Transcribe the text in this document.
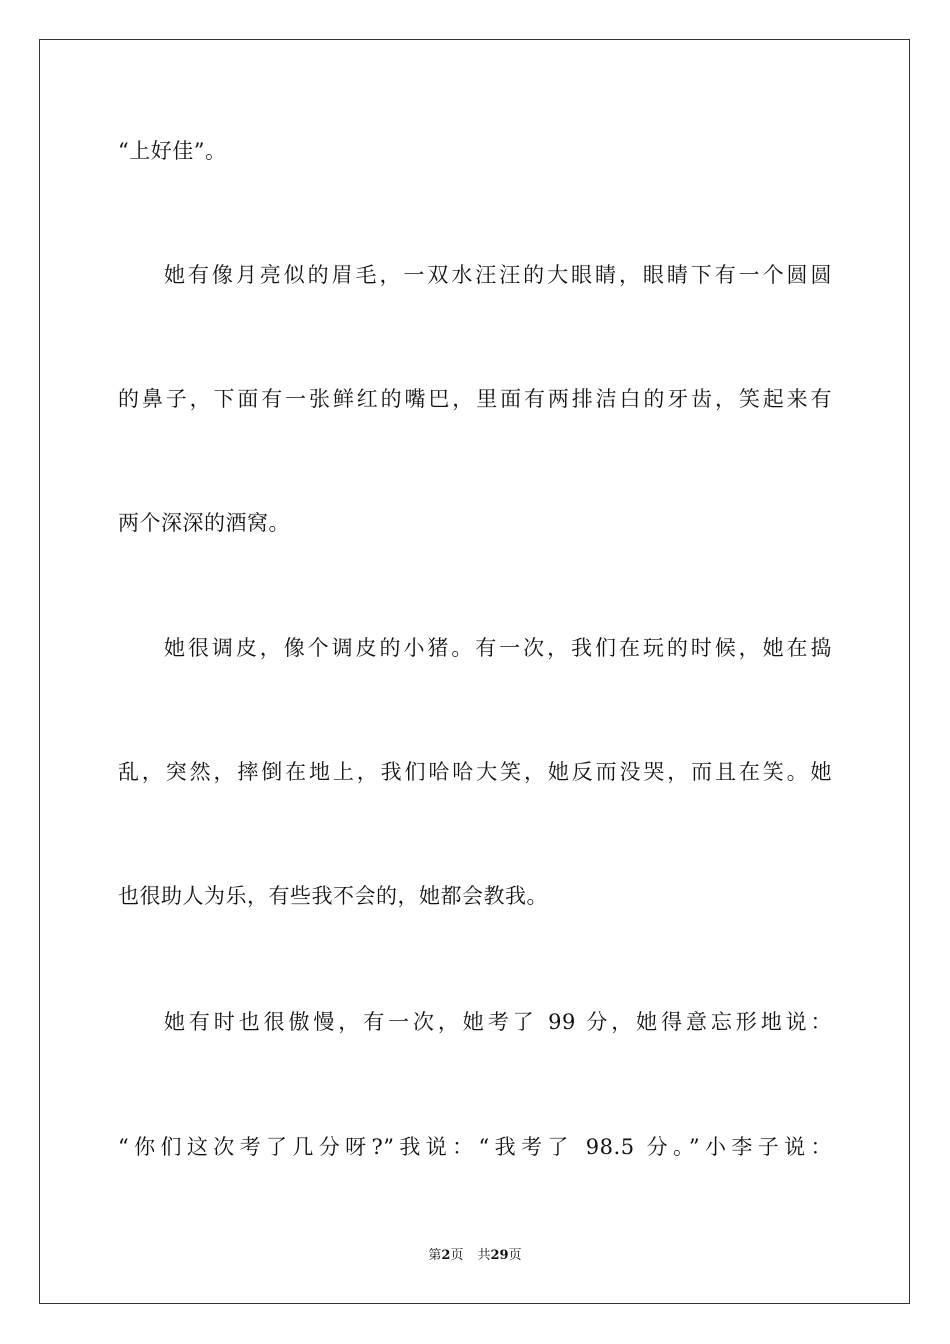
“上好佳”。
她有像月亮似的眉毛，一双水汪汪的大眼睛，眼睛下有一个圆圆
的鼻子，下面有一张鲜红的嘴巴，里面有两排洁白的牙齿，笑起来有
两个深深的酒窝。
她很调皮，像个调皮的小猪。有一次，我们在玩的时候，她在捣
乱，突然，摔倒在地上，我们哈哈大笑，她反而没哭，而且在笑。她
也很助人为乐，有些我不会的，她都会教我。
她有时也很傲慢，有一次，她考了 99 分，她得意忘形地说：
“你们这次考了几分呀?”我说：“我考了 98.5 分。”小李子说：
第2页 共29页
